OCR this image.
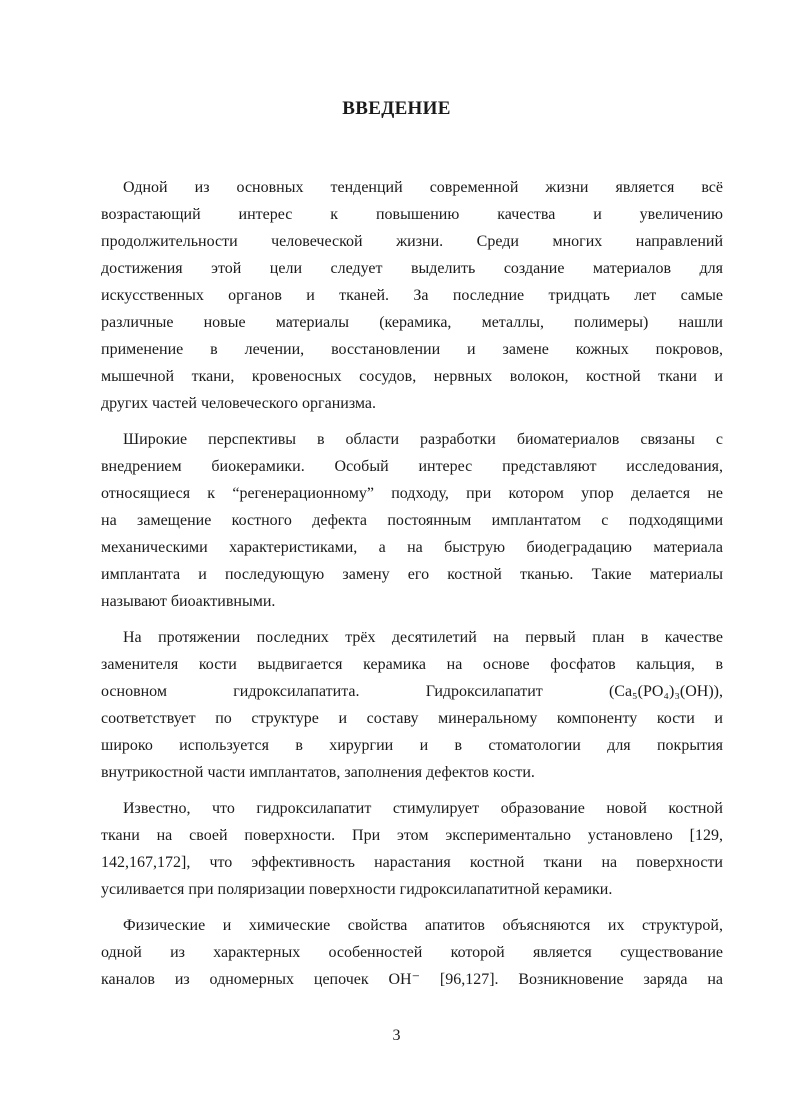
ВВЕДЕНИЕ

Одной из основных тенденций современной жизни является всё
возрастающий интерес к повышению качества и увеличению
продолжительности человеческой жизни. Среди многих направлений
достижения этой цели следует выделить создание материалов для
искусственных органов и тканей. За последние тридцать лет самые
различные новые материалы (керамика, металлы, полимеры) нашли
применение в лечении, восстановлении и замене кожных покровов,
мышечной ткани, кровеносных сосудов, нервных волокон, костной ткани и
других частей человеческого организма.

Широкие перспективы в области разработки биоматериалов связаны с
внедрением биокерамики. Особый интерес представляют исследования,
относящиеся к “регенерационному” подходу, при котором упор делается не
на замещение костного дефекта постоянным имплантатом с подходящими
механическими характеристиками, а на быструю биодеградацию материала
имплантата и последующую замену его костной тканью. Такие материалы
называют биоактивными.

На протяжении последних трёх десятилетий на первый план в качестве
заменителя кости выдвигается керамика на основе фосфатов кальция, в
основном гидроксилапатита. Гидроксилапатит (Ca₅(PO₄)₃(OH)),
соответствует по структуре и составу минеральному компоненту кости и
широко используется в хирургии и в стоматологии для покрытия
внутрикостной части имплантатов, заполнения дефектов кости.

Известно, что гидроксилапатит стимулирует образование новой костной
ткани на своей поверхности. При этом экспериментально установлено [129,
142,167,172], что эффективность нарастания костной ткани на поверхности
усиливается при поляризации поверхности гидроксилапатитной керамики.

Физические и химические свойства апатитов объясняются их структурой,
одной из характерных особенностей которой является существование
каналов из одномерных цепочек OH⁻ [96,127]. Возникновение заряда на

3
